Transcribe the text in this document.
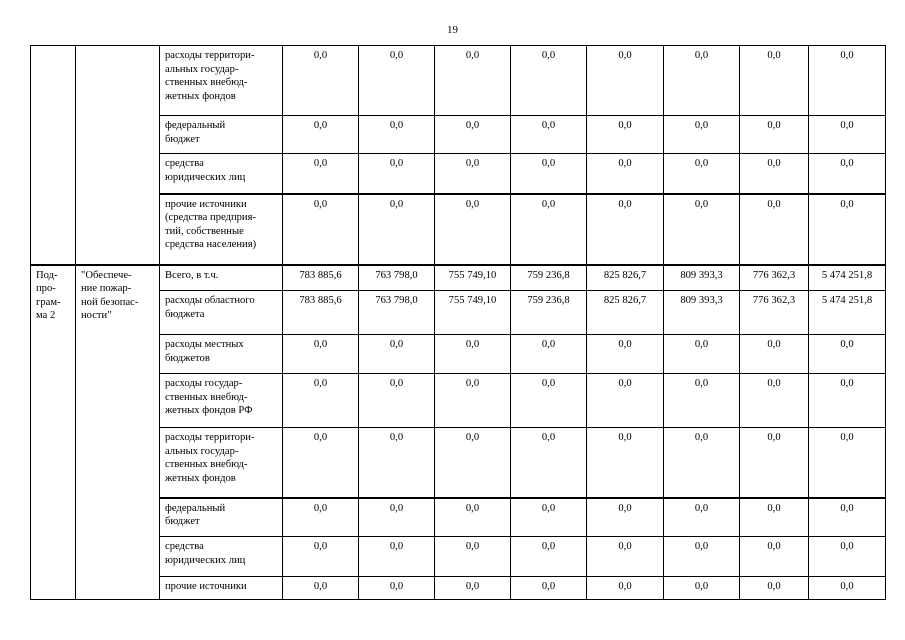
19
		расходы территори-
альных государ-
ственных внебюд-
жетных фондов	0,0	0,0	0,0	0,0	0,0	0,0	0,0	0,0
		федеральный
бюджет	0,0	0,0	0,0	0,0	0,0	0,0	0,0	0,0
		средства
юридических лиц	0,0	0,0	0,0	0,0	0,0	0,0	0,0	0,0
		прочие источники
(средства предприя-
тий, собственные
средства населения)	0,0	0,0	0,0	0,0	0,0	0,0	0,0	0,0
Под-
про-
грам-
ма 2	"Обеспече-
ние пожар-
ной безопас-
ности"	Всего, в т.ч.	783 885,6	763 798,0	755 749,10	759 236,8	825 826,7	809 393,3	776 362,3	5 474 251,8
		расходы областного
бюджета	783 885,6	763 798,0	755 749,10	759 236,8	825 826,7	809 393,3	776 362,3	5 474 251,8
		расходы местных
бюджетов	0,0	0,0	0,0	0,0	0,0	0,0	0,0	0,0
		расходы государ-
ственных внебюд-
жетных фондов РФ	0,0	0,0	0,0	0,0	0,0	0,0	0,0	0,0
		расходы территори-
альных государ-
ственных внебюд-
жетных фондов	0,0	0,0	0,0	0,0	0,0	0,0	0,0	0,0
		федеральный
бюджет	0,0	0,0	0,0	0,0	0,0	0,0	0,0	0,0
		средства
юридических лиц	0,0	0,0	0,0	0,0	0,0	0,0	0,0	0,0
		прочие источники	0,0	0,0	0,0	0,0	0,0	0,0	0,0	0,0
